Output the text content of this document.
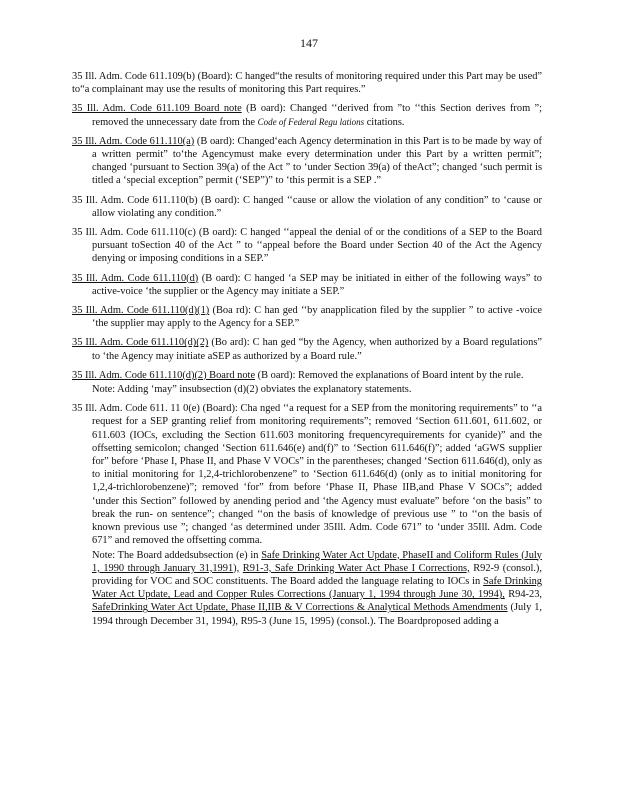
147
35 Ill. Adm. Code 611.109(b) (Board): C hanged“the results of monitoring required under this Part may be used” to“a complainant may use the results of monitoring this Part requires.”
35 Ill. Adm. Code 611.109 Board note (B oard): Changed ‘‘derived from ”to ‘‘this Section derives from ”; removed the unnecessary date from the Code of Federal Regu lations citations.
35 Ill. Adm. Code 611.110(a) (B oard): Changed‘each Agency determination in this Part is to be made by way of a written permit” to‘the Agencymust make every determination under this Part by a written permit”; changed ‘pursuant to Section 39(a) of the Act ” to ‘under Section 39(a) of theAct”; changed ‘such permit is titled a ‘special exception” permit (‘SEP”)” to ‘this permit is a SEP .”
35 Ill. Adm. Code 611.110(b) (B oard): C hanged ‘‘cause or allow the violation of any condition” to ‘cause or allow violating any condition.”
35 Ill. Adm. Code 611.110(c) (B oard): C hanged ‘‘appeal the denial of or the conditions of a SEP to the Board pursuant toSection 40 of the Act ” to ‘‘appeal before the Board under Section 40 of the Act the Agency denying or imposing conditions in a SEP.”
35 Ill. Adm. Code 611.110(d) (B oard): C hanged ‘a SEP may be initiated in either of the following ways” to active-voice ‘the supplier or the Agency may initiate a SEP.”
35 Ill. Adm. Code 611.110(d)(1) (Boa rd): C han ged ‘‘by anapplication filed by the supplier ” to active -voice ‘the supplier may apply to the Agency for a SEP.”
35 Ill. Adm. Code 611.110(d)(2) (Bo ard): C han ged “by the Agency, when authorized by a Board regulations” to ‘the Agency may initiate aSEP as authorized by a Board rule.”
35 Ill. Adm. Code 611.110(d)(2) Board note (B oard): Removed the explanations of Board intent by the rule.
Note: Adding ‘may” insubsection (d)(2) obviates the explanatory statements.
35 Ill. Adm. Code 611. 11 0(e) (Board): Cha nged ‘‘a request for a SEP from the monitoring requirements” to ‘‘a request for a SEP granting relief from monitoring requirements”; removed ‘Section 611.601, 611.602, or 611.603 (IOCs, excluding the Section 611.603 monitoring frequencyrequirements for cyanide)” and the offsetting semicolon; changed ‘Section 611.646(e) and(f)” to ‘Section 611.646(f)”; added ‘aGWS supplier for” before ‘Phase I, Phase II, and Phase V VOCs” in the parentheses; changed ‘Section 611.646(d), only as to initial monitoring for 1,2,4-trichlorobenzene” to ‘Section 611.646(d) (only as to initial monitoring for 1,2,4-trichlorobenzene)”; removed ‘for” from before ‘Phase II, Phase IIB,and Phase V SOCs”; added ‘under this Section” followed by anending period and ‘the Agency must evaluate” before ‘on the basis” to break the run- on sentence”; changed ‘‘on the basis of knowledge of previous use ” to ‘‘on the basis of known previous use ”; changed ‘as determined under 35Ill. Adm. Code 671” to ‘under 35Ill. Adm. Code 671” and removed the offsetting comma.
Note: The Board addedsubsection (e) in Safe Drinking Water Act Update, PhaseII and Coliform Rules (July 1, 1990 through January 31,1991), R91-3, Safe Drinking Water Act Phase I Corrections, R92-9 (consol.), providing for VOC and SOC constituents. The Board added the language relating to IOCs in Safe Drinking Water Act Update, Lead and Copper Rules Corrections (January 1, 1994 through June 30, 1994), R94-23, SafeDrinking Water Act Update, Phase II,IIB & V Corrections & Analytical Methods Amendments (July 1, 1994 through December 31, 1994), R95-3 (June 15, 1995) (consol.). The Boardproposed adding a
